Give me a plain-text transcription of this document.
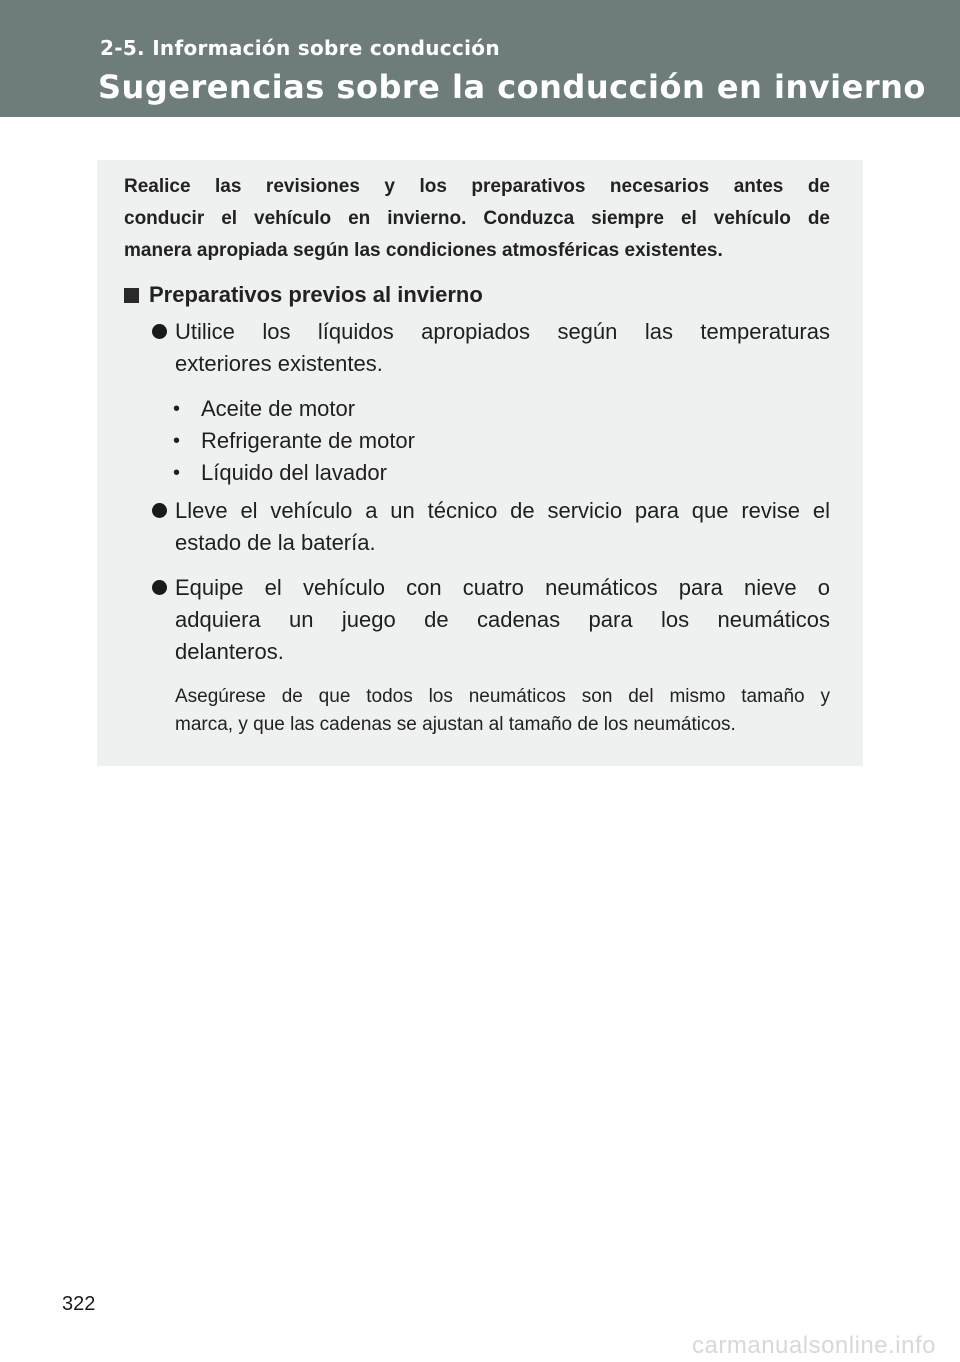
2-5. Información sobre conducción
Sugerencias sobre la conducción en invierno
Realice las revisiones y los preparativos necesarios antes de
conducir el vehículo en invierno. Conduzca siempre el vehículo de
manera apropiada según las condiciones atmosféricas existentes.
Preparativos previos al invierno
Utilice los líquidos apropiados según las temperaturas
exteriores existentes.
• Aceite de motor
• Refrigerante de motor
• Líquido del lavador
Lleve el vehículo a un técnico de servicio para que revise el
estado de la batería.
Equipe el vehículo con cuatro neumáticos para nieve o
adquiera un juego de cadenas para los neumáticos
delanteros.
Asegúrese de que todos los neumáticos son del mismo tamaño y
marca, y que las cadenas se ajustan al tamaño de los neumáticos.
322
carmanualsonline.info
